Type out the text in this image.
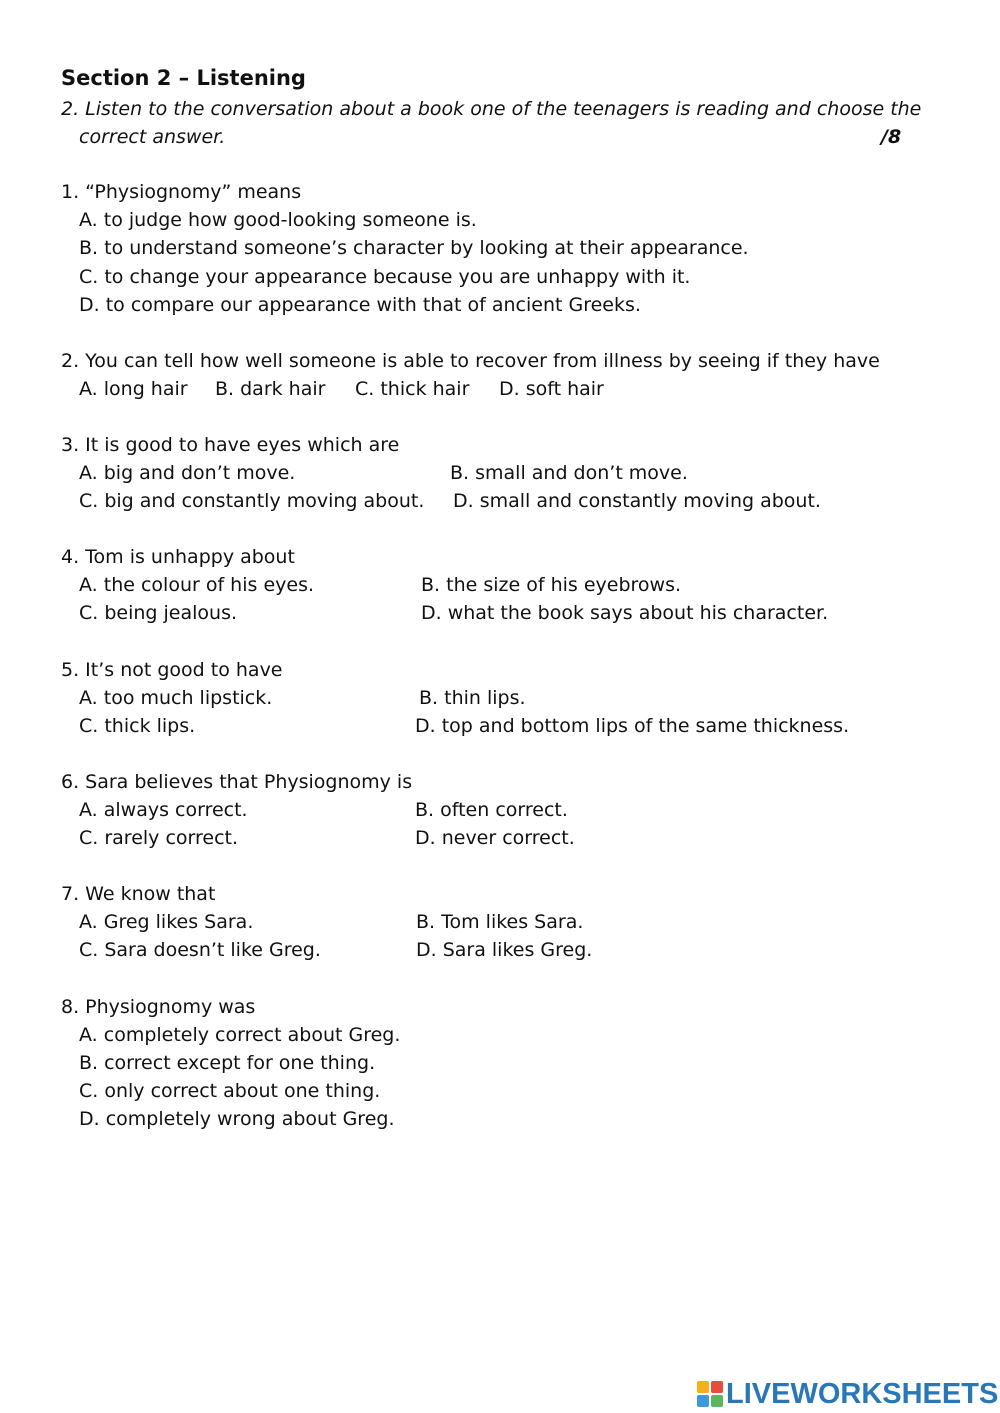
Section 2 – Listening
2. Listen to the conversation about a book one of the teenagers is reading and choose the
correct answer.	/8
1. “Physiognomy” means
A. to judge how good-looking someone is.
B. to understand someone’s character by looking at their appearance.
C. to change your appearance because you are unhappy with it.
D. to compare our appearance with that of ancient Greeks.
2. You can tell how well someone is able to recover from illness by seeing if they have
A. long hair B. dark hair C. thick hair D. soft hair
3. It is good to have eyes which are
A. big and don’t move.	B. small and don’t move.
C. big and constantly moving about. D. small and constantly moving about.
4. Tom is unhappy about
A. the colour of his eyes.	B. the size of his eyebrows.
C. being jealous.	D. what the book says about his character.
5. It’s not good to have
A. too much lipstick.	B. thin lips.
C. thick lips.	D. top and bottom lips of the same thickness.
6. Sara believes that Physiognomy is
A. always correct.	B. often correct.
C. rarely correct.	D. never correct.
7. We know that
A. Greg likes Sara.	B. Tom likes Sara.
C. Sara doesn’t like Greg.	D. Sara likes Greg.
8. Physiognomy was
A. completely correct about Greg.
B. correct except for one thing.
C. only correct about one thing.
D. completely wrong about Greg.
LIVEWORKSHEETS
